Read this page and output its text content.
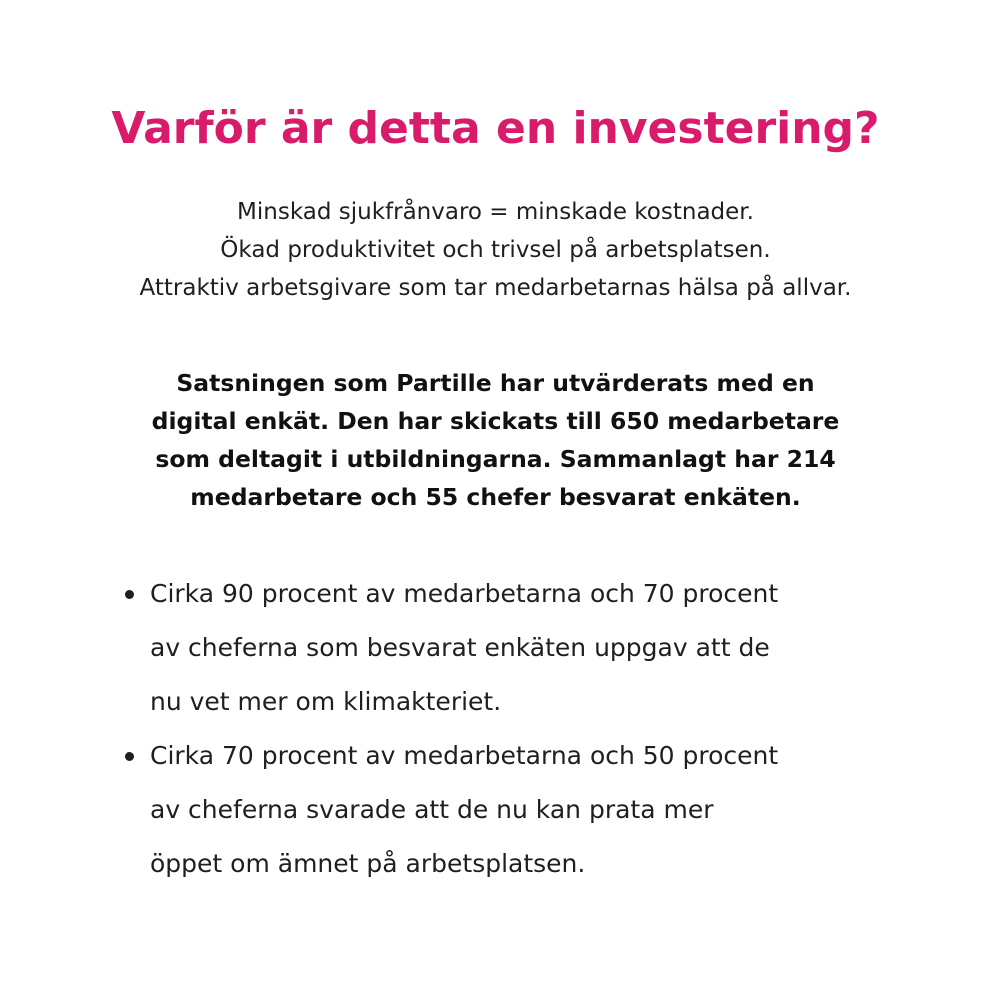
Varför är detta en investering?
Minskad sjukfrånvaro = minskade kostnader.
Ökad produktivitet och trivsel på arbetsplatsen.
Attraktiv arbetsgivare som tar medarbetarnas hälsa på allvar.
Satsningen som Partille har utvärderats med en
digital enkät. Den har skickats till 650 medarbetare
som deltagit i utbildningarna. Sammanlagt har 214
medarbetare och 55 chefer besvarat enkäten.
Cirka 90 procent av medarbetarna och 70 procent
av cheferna som besvarat enkäten uppgav att de
nu vet mer om klimakteriet.
Cirka 70 procent av medarbetarna och 50 procent
av cheferna svarade att de nu kan prata mer
öppet om ämnet på arbetsplatsen.
